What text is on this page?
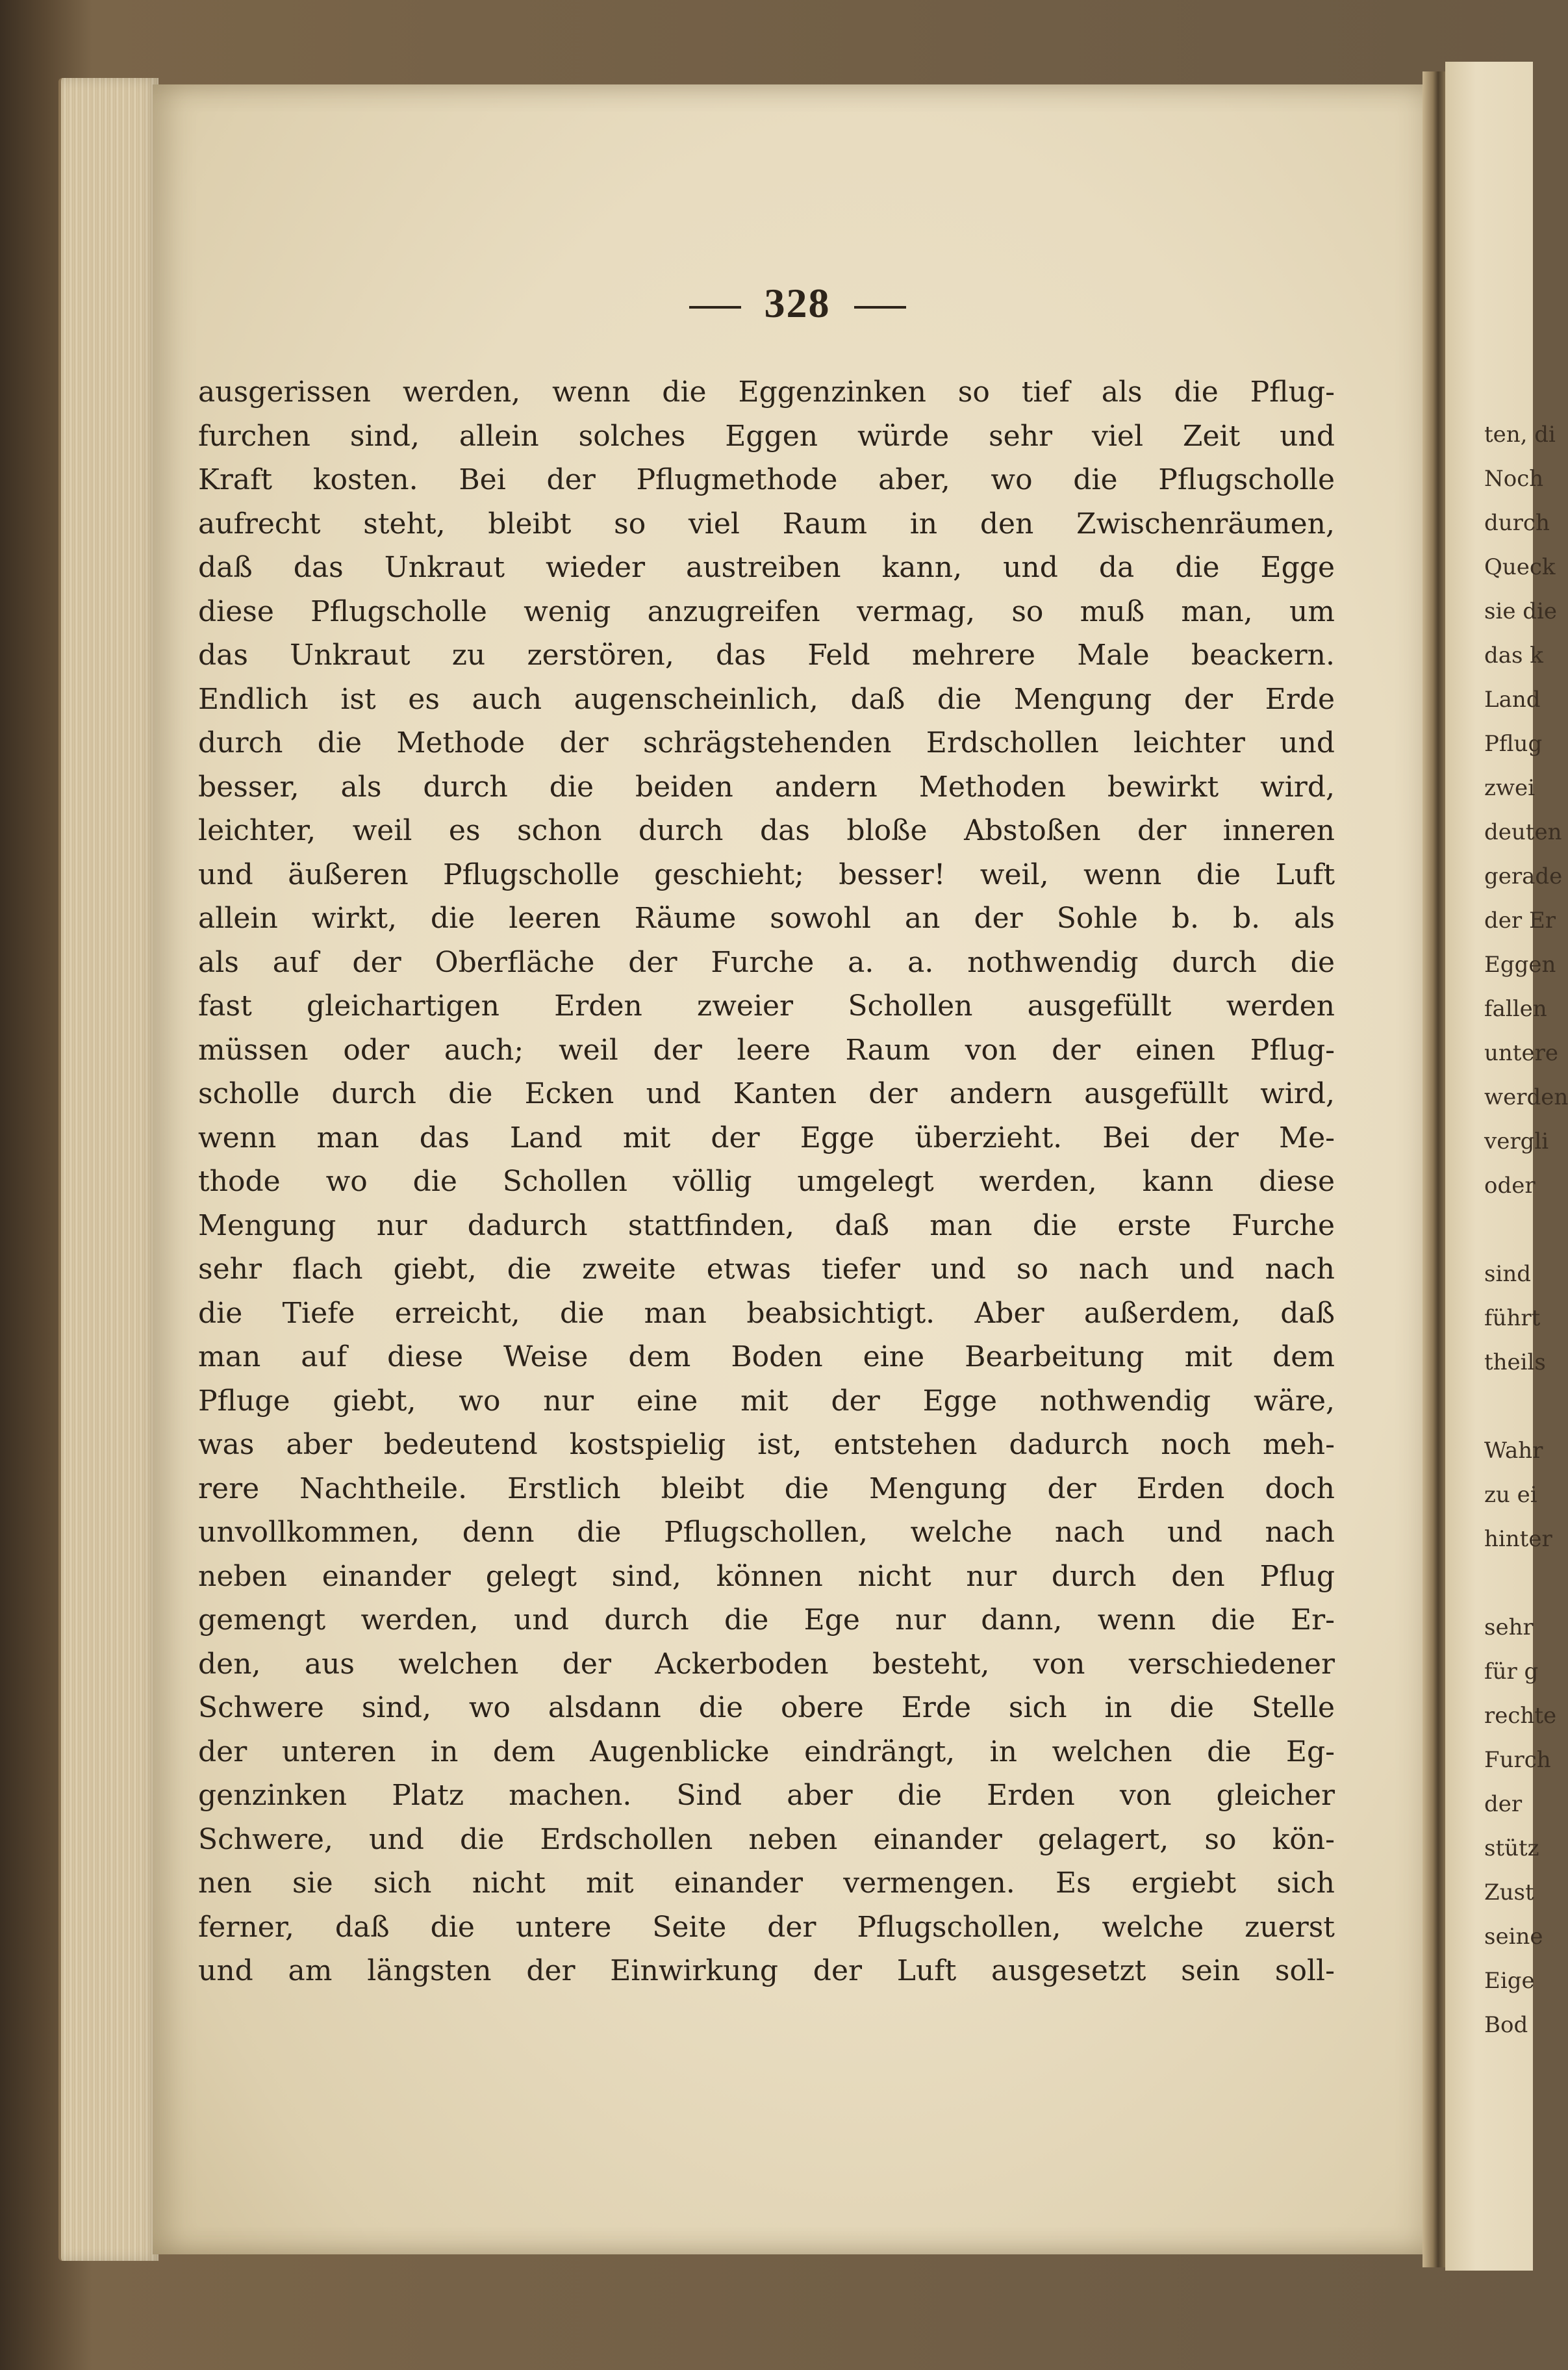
ten, di
Noch
durch
Queck
sie die
das k
Land
Pflug
zwei
deuten
gerade
der Er
Eggen
fallen
untere
werden
vergli
oder
sind
führt
theils
Wahr
zu ei
hinter
sehr
für g
rechte
Furch
der
stütz
Zust
seine
Eige
Bod
328
ausgerissen werden, wenn die Eggenzinken so tief als die Pflug-
furchen sind, allein solches Eggen würde sehr viel Zeit und
Kraft kosten. Bei der Pflugmethode aber, wo die Pflugscholle
aufrecht steht, bleibt so viel Raum in den Zwischenräumen,
daß das Unkraut wieder austreiben kann, und da die Egge
diese Pflugscholle wenig anzugreifen vermag, so muß man, um
das Unkraut zu zerstören, das Feld mehrere Male beackern.
Endlich ist es auch augenscheinlich, daß die Mengung der Erde
durch die Methode der schrägstehenden Erdschollen leichter und
besser, als durch die beiden andern Methoden bewirkt wird,
leichter, weil es schon durch das bloße Abstoßen der inneren
und äußeren Pflugscholle geschieht; besser! weil, wenn die Luft
allein wirkt, die leeren Räume sowohl an der Sohle b. b. als
als auf der Oberfläche der Furche a. a. nothwendig durch die
fast gleichartigen Erden zweier Schollen ausgefüllt werden
müssen oder auch; weil der leere Raum von der einen Pflug-
scholle durch die Ecken und Kanten der andern ausgefüllt wird,
wenn man das Land mit der Egge überzieht. Bei der Me-
thode wo die Schollen völlig umgelegt werden, kann diese
Mengung nur dadurch stattfinden, daß man die erste Furche
sehr flach giebt, die zweite etwas tiefer und so nach und nach
die Tiefe erreicht, die man beabsichtigt. Aber außerdem, daß
man auf diese Weise dem Boden eine Bearbeitung mit dem
Pfluge giebt, wo nur eine mit der Egge nothwendig wäre,
was aber bedeutend kostspielig ist, entstehen dadurch noch meh-
rere Nachtheile. Erstlich bleibt die Mengung der Erden doch
unvollkommen, denn die Pflugschollen, welche nach und nach
neben einander gelegt sind, können nicht nur durch den Pflug
gemengt werden, und durch die Ege nur dann, wenn die Er-
den, aus welchen der Ackerboden besteht, von verschiedener
Schwere sind, wo alsdann die obere Erde sich in die Stelle
der unteren in dem Augenblicke eindrängt, in welchen die Eg-
genzinken Platz machen. Sind aber die Erden von gleicher
Schwere, und die Erdschollen neben einander gelagert, so kön-
nen sie sich nicht mit einander vermengen. Es ergiebt sich
ferner, daß die untere Seite der Pflugschollen, welche zuerst
und am längsten der Einwirkung der Luft ausgesetzt sein soll-
